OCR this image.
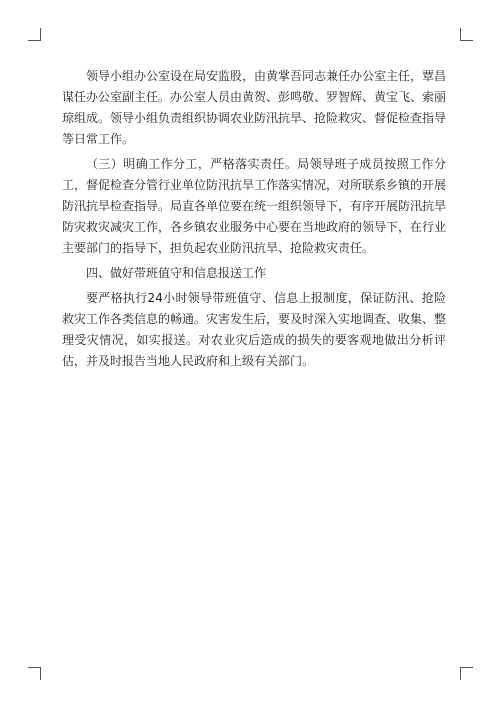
领导小组办公室设在局安监股，由黄掌吾同志兼任办公室主任，覃昌谋任办公室副主任。办公室人员由黄贺、彭鸣敬、罗智辉、黄宝飞、索丽琼组成。领导小组负责组织协调农业防汛抗旱、抢险救灾、督促检查指导等日常工作。

（三）明确工作分工，严格落实责任。局领导班子成员按照工作分工，督促检查分管行业单位防汛抗旱工作落实情况，对所联系乡镇的开展防汛抗旱检查指导。局直各单位要在统一组织领导下，有序开展防汛抗旱防灾救灾减灾工作，各乡镇农业服务中心要在当地政府的领导下，在行业主要部门的指导下，担负起农业防汛抗旱、抢险救灾责任。

四、做好带班值守和信息报送工作

要严格执行24小时领导带班值守、信息上报制度，保证防汛、抢险救灾工作各类信息的畅通。灾害发生后，要及时深入实地调查、收集、整理受灾情况，如实报送。对农业灾后造成的损失的要客观地做出分析评估，并及时报告当地人民政府和上级有关部门。
